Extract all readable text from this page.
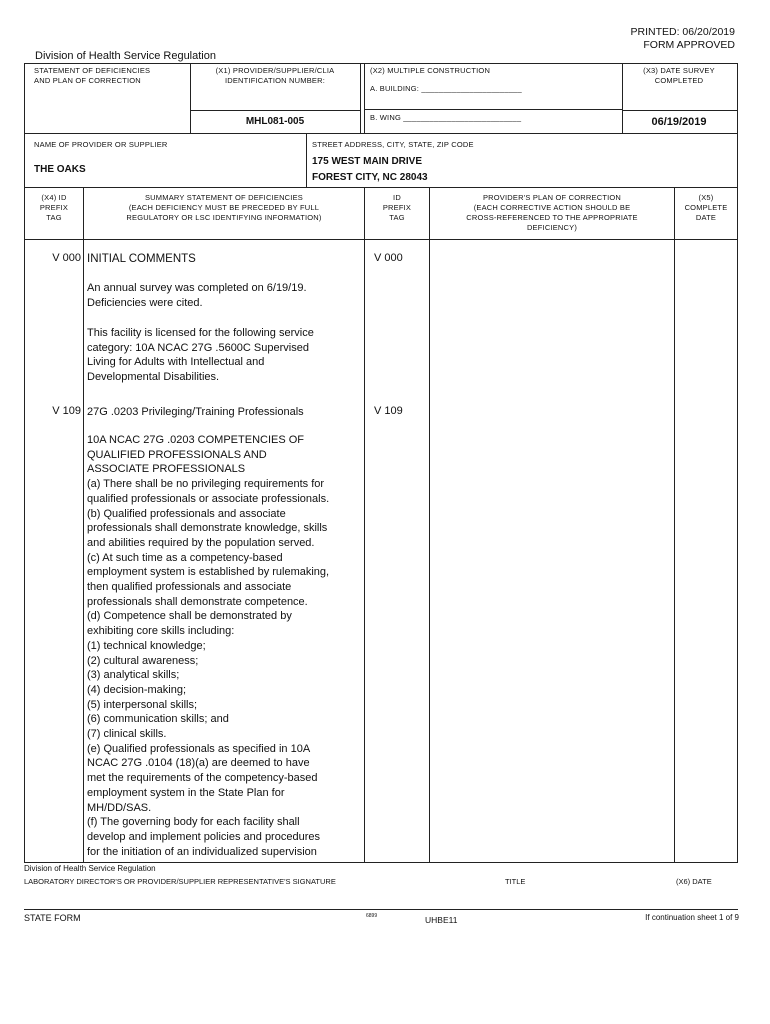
PRINTED: 06/20/2019
FORM APPROVED
Division of Health Service Regulation
STATEMENT OF DEFICIENCIES
AND PLAN OF CORRECTION
(X1) PROVIDER/SUPPLIER/CLIA
IDENTIFICATION NUMBER:
MHL081-005
(X2) MULTIPLE CONSTRUCTION
A. BUILDING: _______________________
B. WING ___________________________
(X3) DATE SURVEY
COMPLETED
06/19/2019
NAME OF PROVIDER OR SUPPLIER
THE OAKS
STREET ADDRESS, CITY, STATE, ZIP CODE
175 WEST MAIN DRIVE
FOREST CITY, NC 28043
(X4) ID
PREFIX
TAG
SUMMARY STATEMENT OF DEFICIENCIES
(EACH DEFICIENCY MUST BE PRECEDED BY FULL
REGULATORY OR LSC IDENTIFYING INFORMATION)
ID
PREFIX
TAG
PROVIDER'S PLAN OF CORRECTION
(EACH CORRECTIVE ACTION SHOULD BE
CROSS-REFERENCED TO THE APPROPRIATE
DEFICIENCY)
(X5)
COMPLETE
DATE
V 000 INITIAL COMMENTS	V 000
An annual survey was completed on 6/19/19. Deficiencies were cited.
This facility is licensed for the following service category: 10A NCAC 27G .5600C Supervised Living for Adults with Intellectual and Developmental Disabilities.
V 109 27G .0203 Privileging/Training Professionals	V 109
10A NCAC 27G .0203 COMPETENCIES OF
QUALIFIED PROFESSIONALS AND
ASSOCIATE PROFESSIONALS
(a) There shall be no privileging requirements for
qualified professionals or associate professionals.
(b) Qualified professionals and associate
professionals shall demonstrate knowledge, skills
and abilities required by the population served.
(c) At such time as a competency-based
employment system is established by rulemaking,
then qualified professionals and associate
professionals shall demonstrate competence.
(d) Competence shall be demonstrated by
exhibiting core skills including:
(1) technical knowledge;
(2) cultural awareness;
(3) analytical skills;
(4) decision-making;
(5) interpersonal skills;
(6) communication skills; and
(7) clinical skills.
(e) Qualified professionals as specified in 10A
NCAC 27G .0104 (18)(a) are deemed to have
met the requirements of the competency-based
employment system in the State Plan for
MH/DD/SAS.
(f) The governing body for each facility shall
develop and implement policies and procedures
for the initiation of an individualized supervision
Division of Health Service Regulation
LABORATORY DIRECTOR'S OR PROVIDER/SUPPLIER REPRESENTATIVE'S SIGNATURE	TITLE	(X6) DATE
STATE FORM	6899	UHBE11	If continuation sheet 1 of 9
